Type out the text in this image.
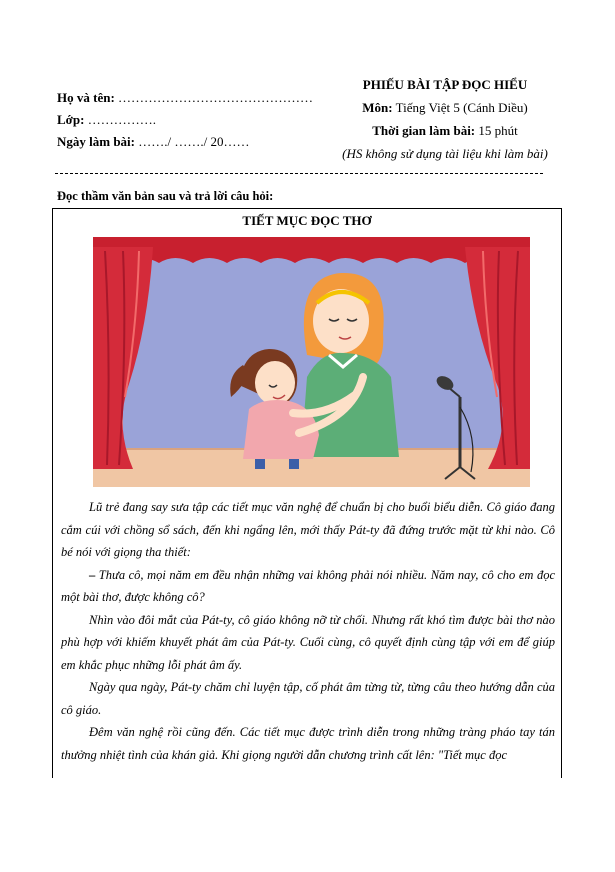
Họ và tên: ………………………………………
Lớp: …………….
Ngày làm bài: ……./ ……./ 20……
PHIẾU BÀI TẬP ĐỌC HIỂU
Môn: Tiếng Việt 5 (Cánh Diều)
Thời gian làm bài: 15 phút
(HS không sử dụng tài liệu khi làm bài)
Đọc thầm văn bản sau và trả lời câu hỏi:
TIẾT MỤC ĐỌC THƠ

Lũ trẻ đang say sưa tập các tiết mục văn nghệ để chuẩn bị cho buổi biểu diễn. Cô giáo đang cắm cúi với chồng sổ sách, đến khi ngẩng lên, mới thấy Pát-ty đã đứng trước mặt từ khi nào. Cô bé nói với giọng tha thiết:

– Thưa cô, mọi năm em đều nhận những vai không phải nói nhiều. Năm nay, cô cho em đọc một bài thơ, được không cô?

Nhìn vào đôi mắt của Pát-ty, cô giáo không nỡ từ chối. Nhưng rất khó tìm được bài thơ nào phù hợp với khiếm khuyết phát âm của Pát-ty. Cuối cùng, cô quyết định cùng tập với em để giúp em khắc phục những lỗi phát âm ấy.

Ngày qua ngày, Pát-ty chăm chỉ luyện tập, cố phát âm từng từ, từng câu theo hướng dẫn của cô giáo.

Đêm văn nghệ rồi cũng đến. Các tiết mục được trình diễn trong những tràng pháo tay tán thưởng nhiệt tình của khán giả. Khi giọng người dẫn chương trình cất lên: "Tiết mục đọc
